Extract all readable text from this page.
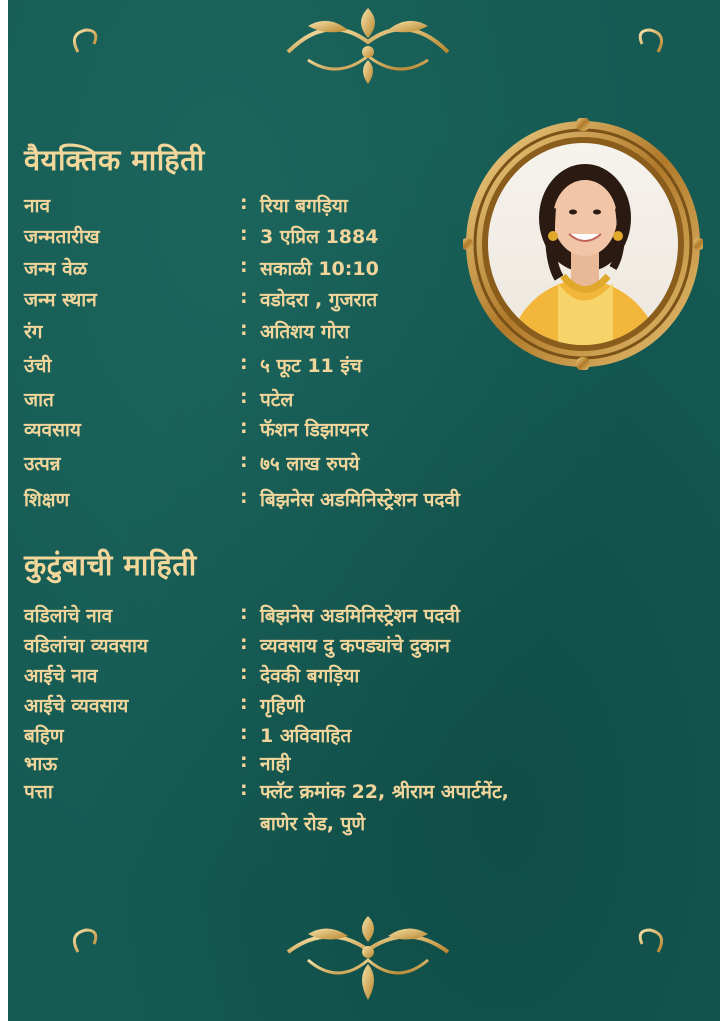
वैयक्तिक माहिती
नाव	: रिया बगड़िया
जन्मतारीख	: 3 एप्रिल 1884
जन्म वेळ	: सकाळी 10:10
जन्म स्थान	: वडोदरा , गुजरात
रंग	: अतिशय गोरा
उंची	: ५ फूट 11 इंच
जात	: पटेल
व्यवसाय	: फॅशन डिझायनर
उत्पन्न	: ७५ लाख रुपये
शिक्षण	: बिझनेस अडमिनिस्ट्रेशन पदवी
कुटुंबाची माहिती
वडिलांचे नाव	: बिझनेस अडमिनिस्ट्रेशन पदवी
वडिलांचा व्यवसाय	: व्यवसाय दु कपड्यांचे दुकान
आईचे नाव	: देवकी बगड़िया
आईचे व्यवसाय	: गृहिणी
बहिण	: 1 अविवाहित
भाऊ	: नाही
पत्ता	: फ्लॅट क्रमांक 22, श्रीराम अपार्टमेंट,
बाणेर रोड, पुणे
